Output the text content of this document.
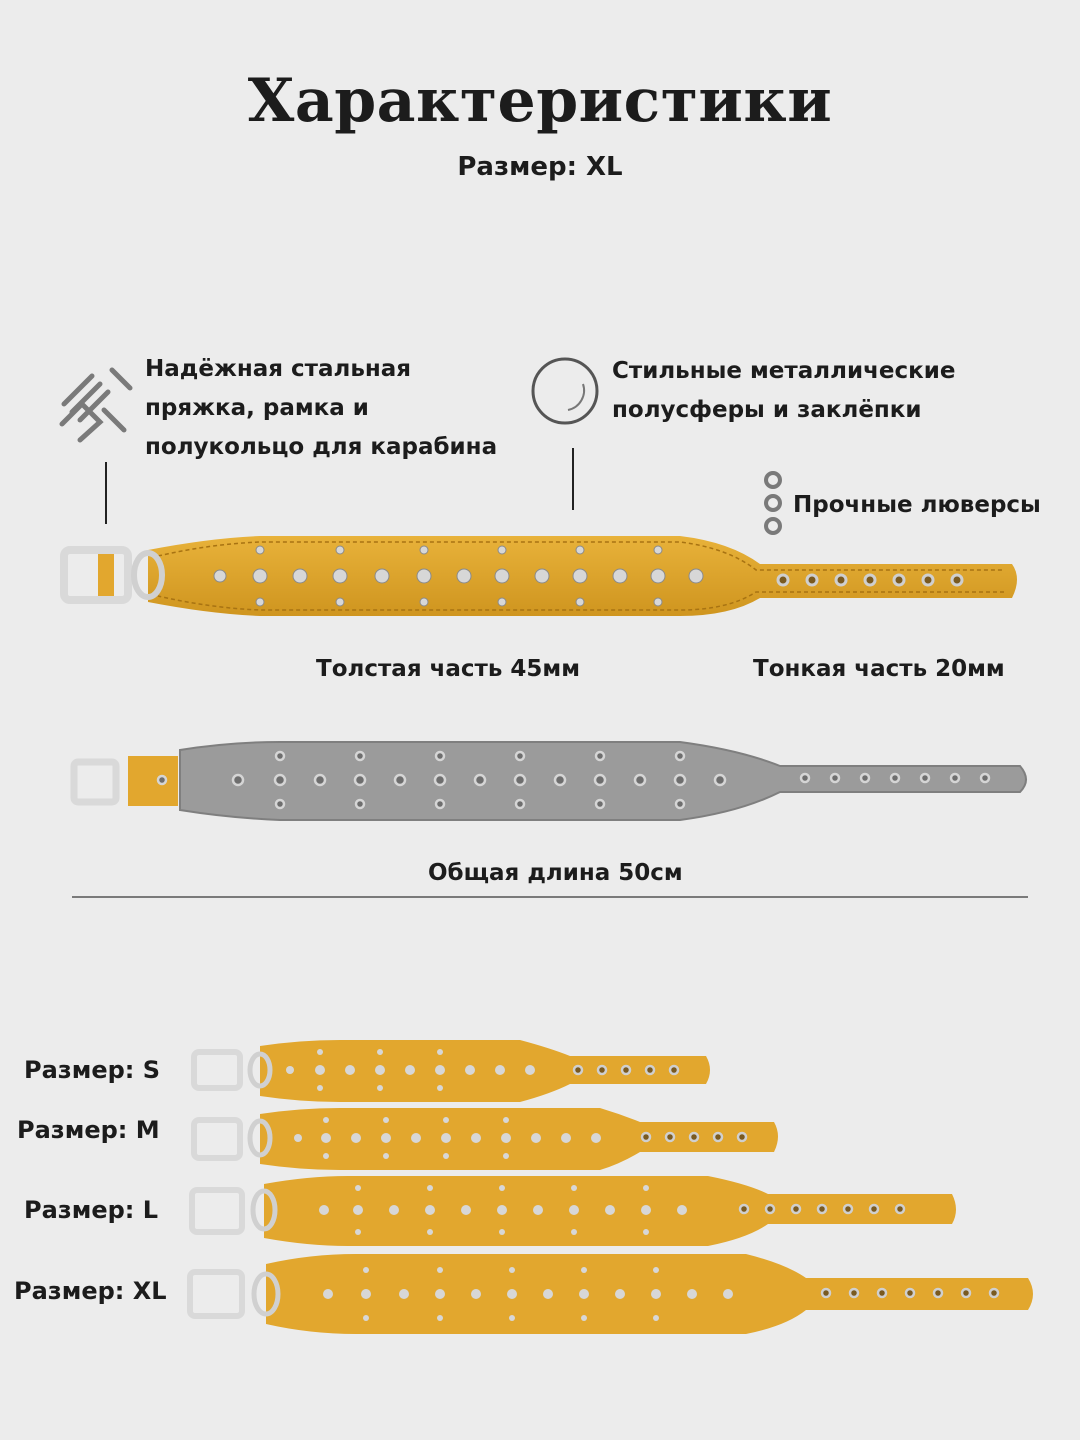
Характеристики
Размер: XL
Надёжная стальная
пряжка, рамка и
полукольцо для карабина
Стильные металлические
полусферы и заклёпки
Прочные люверсы
Толстая часть 45мм	Тонкая часть 20мм
Общая длина 50см
Размер: S
Размер: M
Размер: L
Размер: XL
